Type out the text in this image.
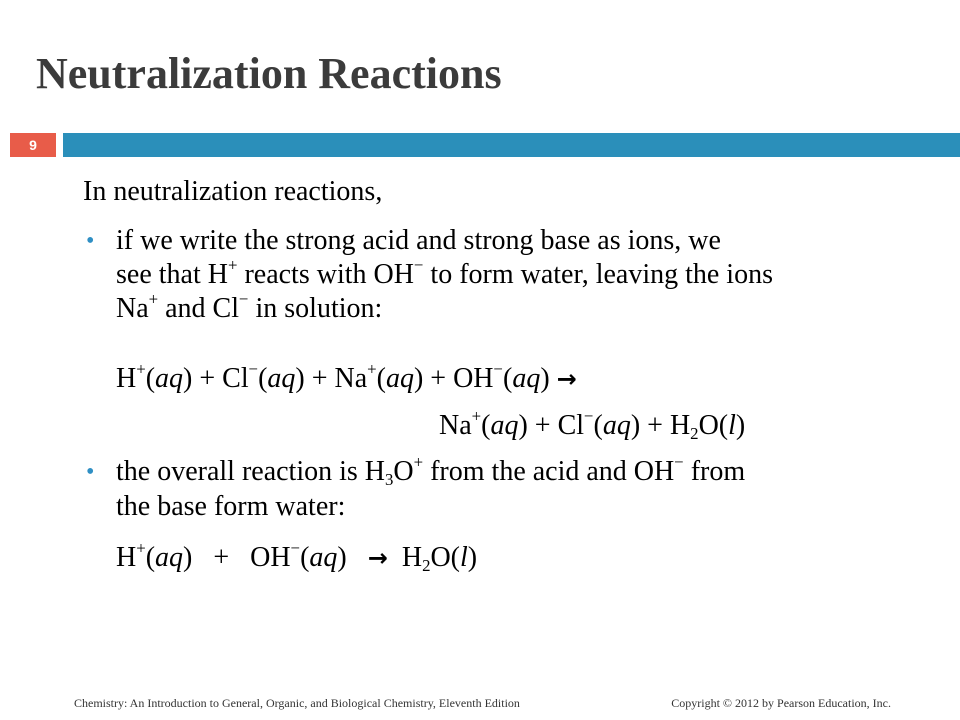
Neutralization Reactions
9
In neutralization reactions,
• if we write the strong acid and strong base as ions, we
see that H+ reacts with OH− to form water, leaving the ions
Na+ and Cl− in solution:
H+(aq) + Cl−(aq) + Na+(aq) + OH−(aq) →
$Na^+(aq) + Cl^-(aq) + H_2O(l)$
• the overall reaction is $H_3O^+$ from the acid and OH− from
the base form water:
$H^+(aq) + OH^-(aq) \to H_2O(l)$
Chemistry: An Introduction to General, Organic, and Biological Chemistry, Eleventh Edition	Copyright © 2012 by Pearson Education, Inc.
